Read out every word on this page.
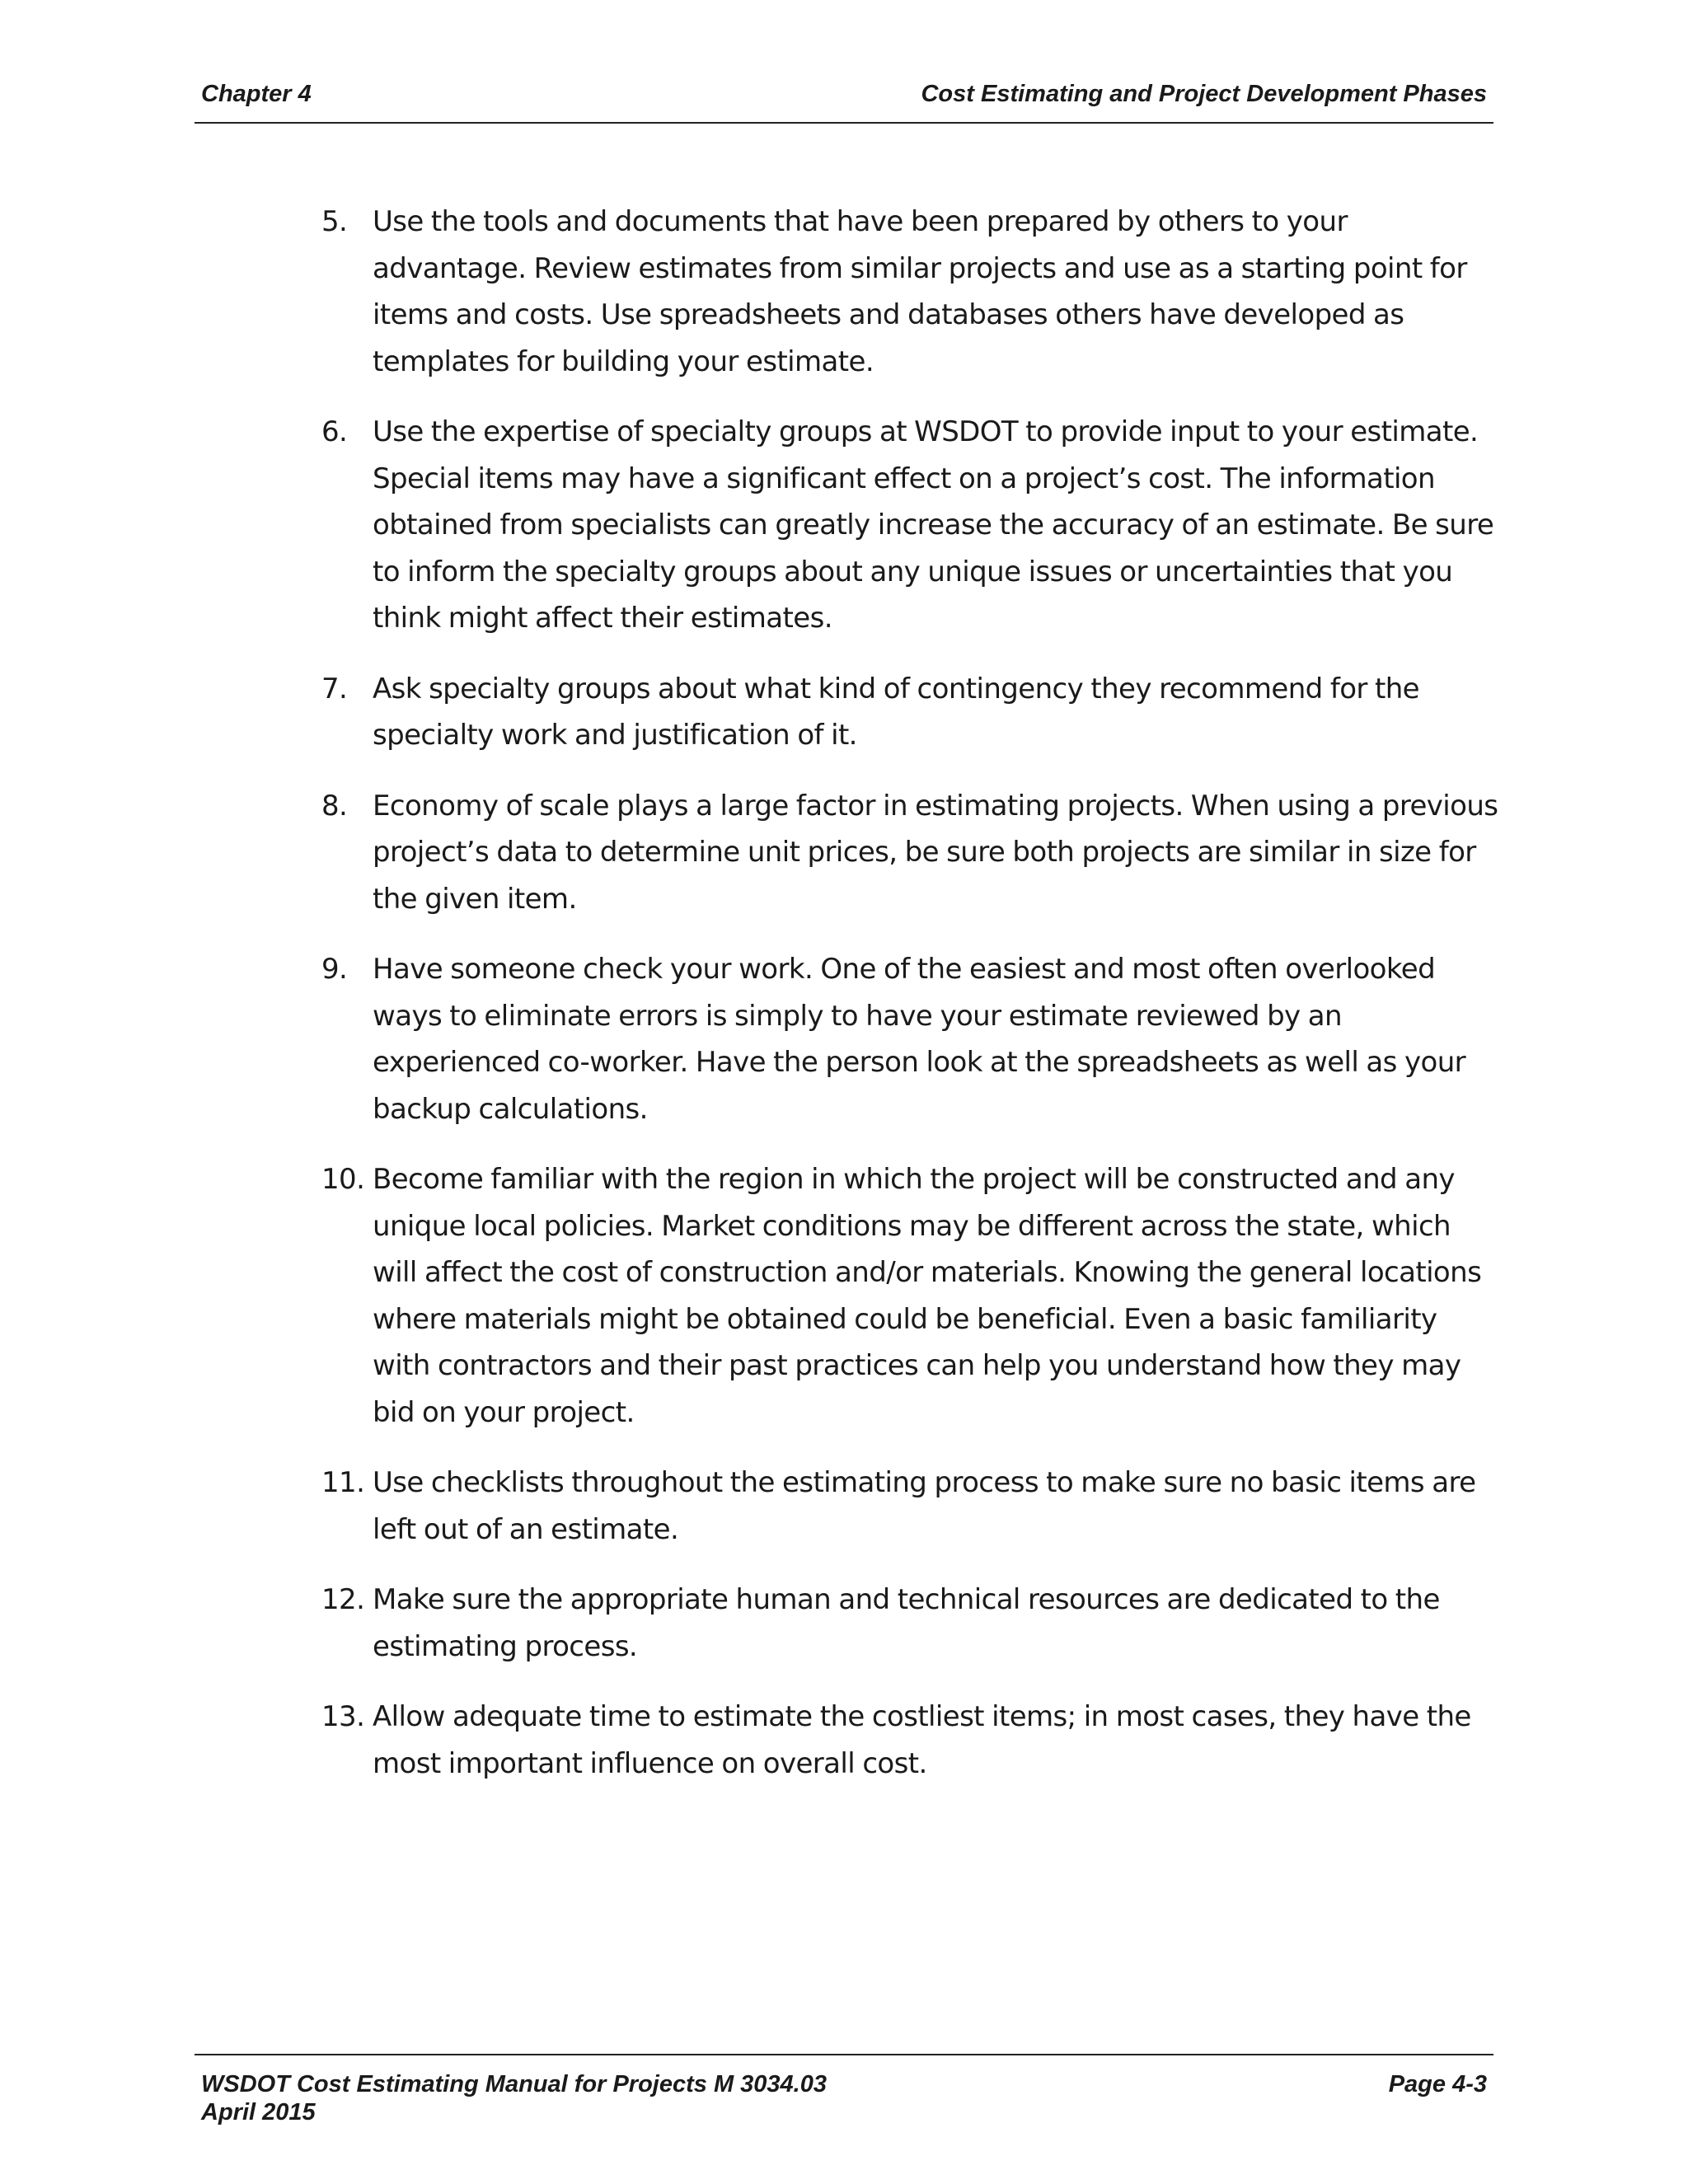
Chapter 4	Cost Estimating and Project Development Phases
5. Use the tools and documents that have been prepared by others to your advantage. Review estimates from similar projects and use as a starting point for items and costs. Use spreadsheets and databases others have developed as templates for building your estimate.
6. Use the expertise of specialty groups at WSDOT to provide input to your estimate. Special items may have a significant effect on a project’s cost. The information obtained from specialists can greatly increase the accuracy of an estimate. Be sure to inform the specialty groups about any unique issues or uncertainties that you think might affect their estimates.
7. Ask specialty groups about what kind of contingency they recommend for the specialty work and justification of it.
8. Economy of scale plays a large factor in estimating projects. When using a previous project’s data to determine unit prices, be sure both projects are similar in size for the given item.
9. Have someone check your work. One of the easiest and most often overlooked ways to eliminate errors is simply to have your estimate reviewed by an experienced co-worker. Have the person look at the spreadsheets as well as your backup calculations.
10. Become familiar with the region in which the project will be constructed and any unique local policies. Market conditions may be different across the state, which will affect the cost of construction and/or materials. Knowing the general locations where materials might be obtained could be beneficial. Even a basic familiarity with contractors and their past practices can help you understand how they may bid on your project.
11. Use checklists throughout the estimating process to make sure no basic items are left out of an estimate.
12. Make sure the appropriate human and technical resources are dedicated to the estimating process.
13. Allow adequate time to estimate the costliest items; in most cases, they have the most important influence on overall cost.
WSDOT Cost Estimating Manual for Projects M 3034.03	Page 4-3
April 2015
